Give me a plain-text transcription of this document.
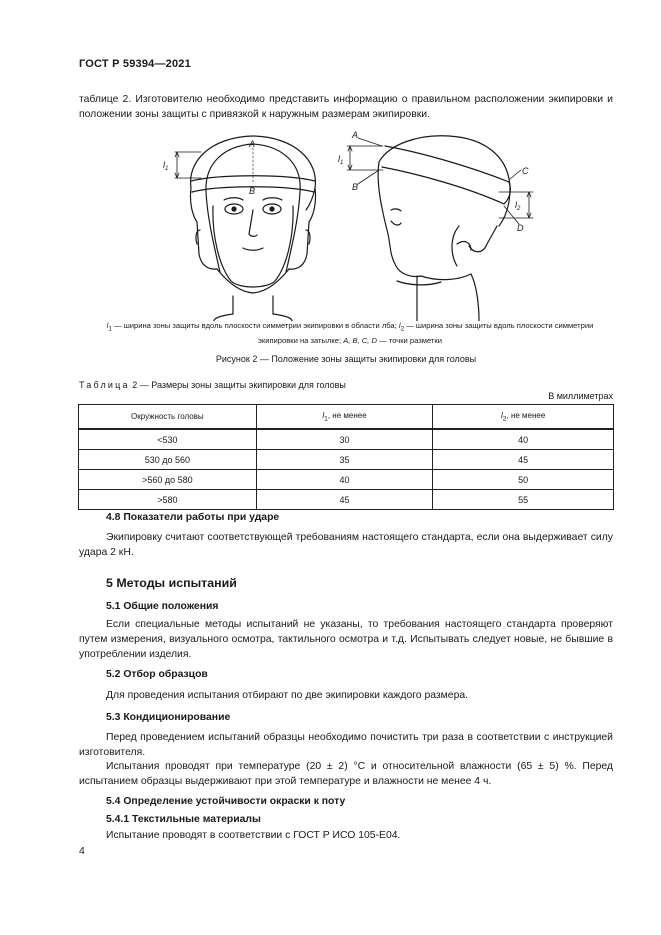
ГОСТ Р 59394—2021
таблице 2. Изготовителю необходимо представить информацию о правильном расположении экипировки и положении зоны защиты с привязкой к наружным размерам экипировки.
A
B
$l_1$
A
B
C
D
$l_1$
$l_2$
$l_1$ — ширина зоны защиты вдоль плоскости симметрии экипировки в области лба; $l_2$ — ширина зоны защиты вдоль плоскости симметрии экипировки на затылке; A, B, C, D — точки разметки
Рисунок 2 — Положение зоны защиты экипировки для головы
Таблица 2 — Размеры зоны защиты экипировки для головы
В миллиметрах
Окружность головы	$l_1$, не менее	$l_2$, не менее
<530	30	40
530 до 560	35	45
>560 до 580	40	50
>580	45	55
4.8 Показатели работы при ударе
Экипировку считают соответствующей требованиям настоящего стандарта, если она выдерживает силу удара 2 кН.
5 Методы испытаний
5.1 Общие положения
Если специальные методы испытаний не указаны, то требования настоящего стандарта проверяют путем измерения, визуального осмотра, тактильного осмотра и т.д. Испытывать следует новые, не бывшие в употреблении изделия.
5.2 Отбор образцов
Для проведения испытания отбирают по две экипировки каждого размера.
5.3 Кондиционирование
Перед проведением испытаний образцы необходимо почистить три раза в соответствии с инструкцией изготовителя.
Испытания проводят при температуре (20 ± 2) °С и относительной влажности (65 ± 5) %. Перед испытанием образцы выдерживают при этой температуре и влажности не менее 4 ч.
5.4 Определение устойчивости окраски к поту
5.4.1 Текстильные материалы
Испытание проводят в соответствии с ГОСТ Р ИСО 105-Е04.
4
